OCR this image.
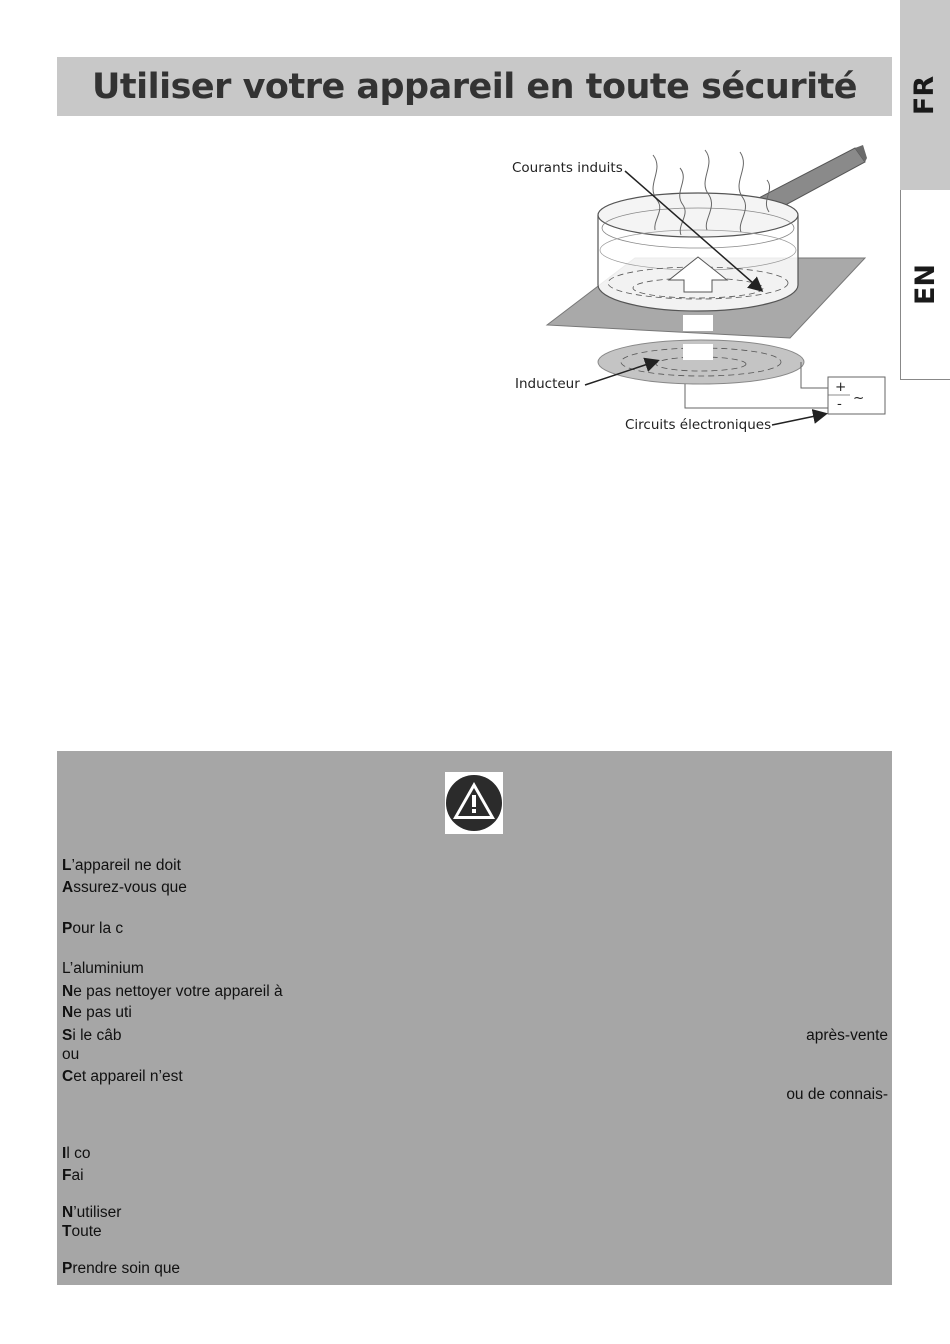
Utiliser votre appareil en toute sécurité FR
EN
+
- ~
Courants induits
Inducteur
Circuits électroniques
L’appareil ne doit
Assurez-vous que
Pour la c
L’aluminium
Ne pas nettoyer votre appareil à
Ne pas uti
Si le câb	après-vente
ou
Cet appareil n’est
ou de connais-
Il co
Fai
N’utiliser
Toute
Prendre soin que
